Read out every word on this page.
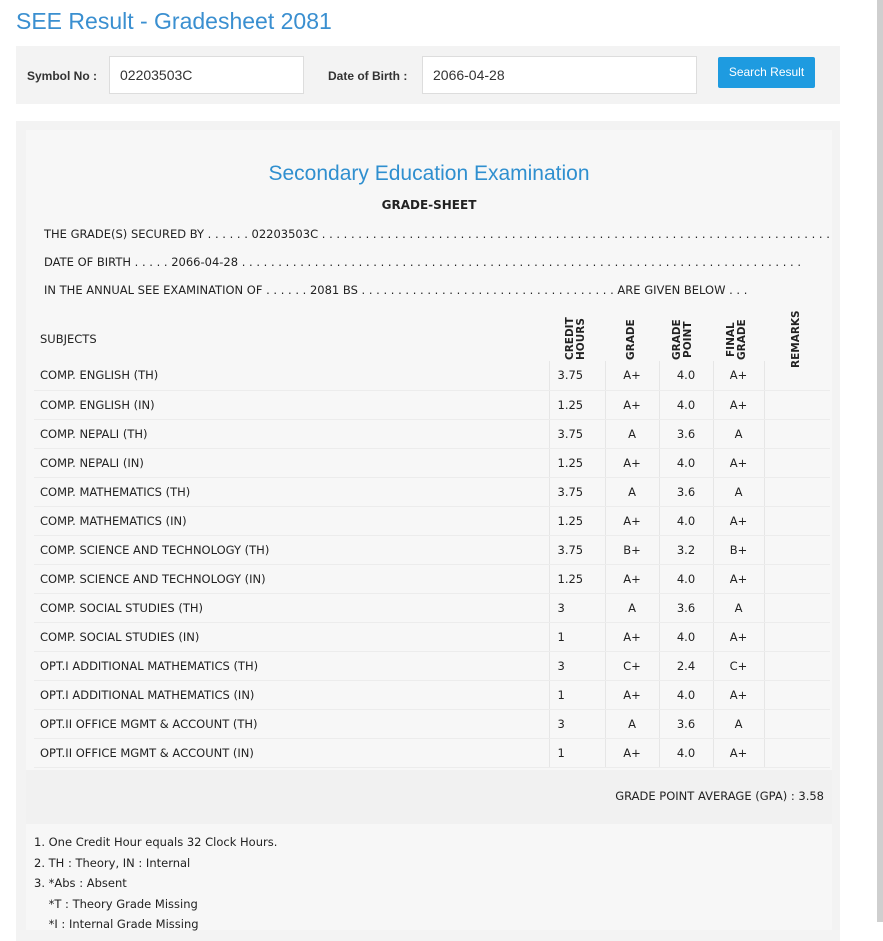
SEE Result - Gradesheet 2081
Symbol No :	02203503C	Date of Birth :	2066-04-28	Search Result
Secondary Education Examination
GRADE-SHEET
THE GRADE(S) SECURED BY . . . . . . 02203503C . . . . . . . . . . . . . . . . . . . . . . . . . . . . . . . . . . . . . . . . . . . . . . . . . . . . . . . . . . . . . . . . . . . . . .
DATE OF BIRTH . . . . . 2066-04-28 . . . . . . . . . . . . . . . . . . . . . . . . . . . . . . . . . . . . . . . . . . . . . . . . . . . . . . . . . . . . . . . . . . . . . . . . . . . . .
IN THE ANNUAL SEE EXAMINATION OF . . . . . . 2081 BS . . . . . . . . . . . . . . . . . . . . . . . . . . . . . . . . . . . ARE GIVEN BELOW . . .
SUBJECTS	CREDIT HOURS	GRADE	GRADE POINT	FINAL GRADE	REMARKS
COMP. ENGLISH (TH)	3.75	A+	4.0	A+	
COMP. ENGLISH (IN)	1.25	A+	4.0	A+	
COMP. NEPALI (TH)	3.75	A	3.6	A	
COMP. NEPALI (IN)	1.25	A+	4.0	A+	
COMP. MATHEMATICS (TH)	3.75	A	3.6	A	
COMP. MATHEMATICS (IN)	1.25	A+	4.0	A+	
COMP. SCIENCE AND TECHNOLOGY (TH)	3.75	B+	3.2	B+	
COMP. SCIENCE AND TECHNOLOGY (IN)	1.25	A+	4.0	A+	
COMP. SOCIAL STUDIES (TH)	3	A	3.6	A	
COMP. SOCIAL STUDIES (IN)	1	A+	4.0	A+	
OPT.I ADDITIONAL MATHEMATICS (TH)	3	C+	2.4	C+	
OPT.I ADDITIONAL MATHEMATICS (IN)	1	A+	4.0	A+	
OPT.II OFFICE MGMT & ACCOUNT (TH)	3	A	3.6	A	
OPT.II OFFICE MGMT & ACCOUNT (IN)	1	A+	4.0	A+	
GRADE POINT AVERAGE (GPA) : 3.58
1. One Credit Hour equals 32 Clock Hours.
2. TH : Theory, IN : Internal
3. *Abs : Absent
*T : Theory Grade Missing
*I : Internal Grade Missing
